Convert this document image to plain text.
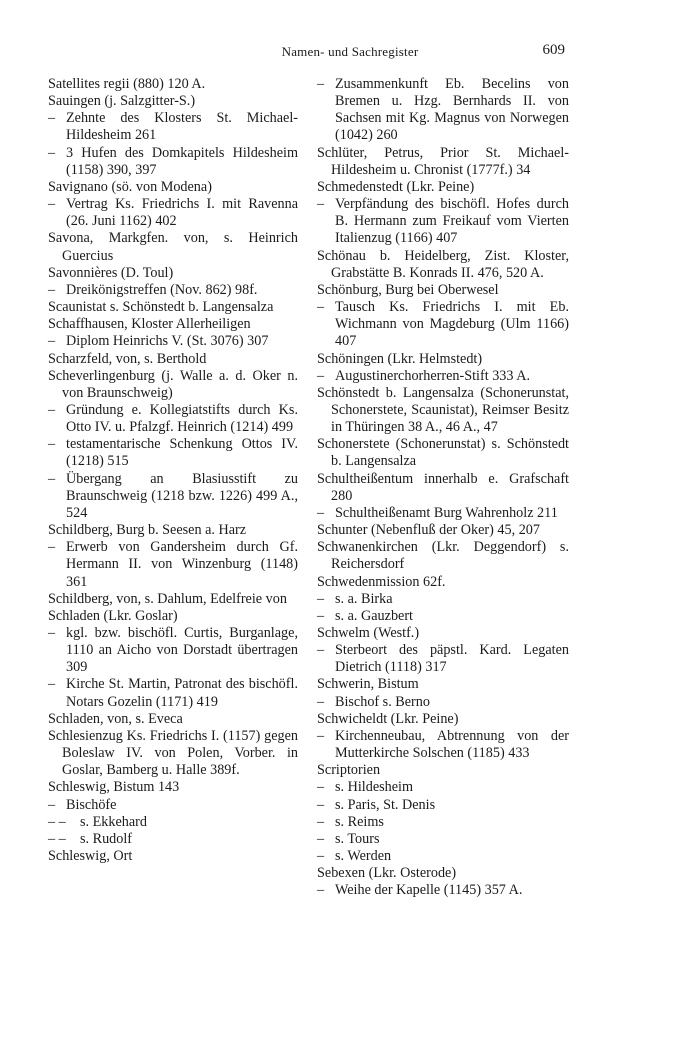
Namen- und Sachregister	609

Satellites regii (880) 120 A.

Sauingen (j. Salzgitter-S.)

– Zehnte des Klosters St. Michael-Hildesheim 261

– 3 Hufen des Domkapitels Hildesheim (1158) 390, 397

Savignano (sö. von Modena)

– Vertrag Ks. Friedrichs I. mit Ravenna (26. Juni 1162) 402

Savona, Markgfen. von, s. Heinrich Guercius

Savonnières (D. Toul)

– Dreikönigstreffen (Nov. 862) 98f.

Scaunistat s. Schönstedt b. Langensalza

Schaffhausen, Kloster Allerheiligen

– Diplom Heinrichs V. (St. 3076) 307

Scharzfeld, von, s. Berthold

Scheverlingenburg (j. Walle a. d. Oker n. von Braunschweig)

– Gründung e. Kollegiatstifts durch Ks. Otto IV. u. Pfalzgf. Heinrich (1214) 499

– testamentarische Schenkung Ottos IV. (1218) 515

– Übergang an Blasiusstift zu Braunschweig (1218 bzw. 1226) 499 A., 524

Schildberg, Burg b. Seesen a. Harz

– Erwerb von Gandersheim durch Gf. Hermann II. von Winzenburg (1148) 361

Schildberg, von, s. Dahlum, Edelfreie von

Schladen (Lkr. Goslar)

– kgl. bzw. bischöfl. Curtis, Burganlage, 1110 an Aicho von Dorstadt übertragen 309

– Kirche St. Martin, Patronat des bischöfl. Notars Gozelin (1171) 419

Schladen, von, s. Eveca

Schlesienzug Ks. Friedrichs I. (1157) gegen Boleslaw IV. von Polen, Vorber. in Goslar, Bamberg u. Halle 389f.

Schleswig, Bistum 143

– Bischöfe

– – s. Ekkehard

– – s. Rudolf

Schleswig, Ort

– Zusammenkunft Eb. Becelins von Bremen u. Hzg. Bernhards II. von Sachsen mit Kg. Magnus von Norwegen (1042) 260

Schlüter, Petrus, Prior St. Michael-Hildesheim u. Chronist (1777f.) 34

Schmedenstedt (Lkr. Peine)

– Verpfändung des bischöfl. Hofes durch B. Hermann zum Freikauf vom Vierten Italienzug (1166) 407

Schönau b. Heidelberg, Zist. Kloster, Grabstätte B. Konrads II. 476, 520 A.

Schönburg, Burg bei Oberwesel

– Tausch Ks. Friedrichs I. mit Eb. Wichmann von Magdeburg (Ulm 1166) 407

Schöningen (Lkr. Helmstedt)

– Augustinerchorherren-Stift 333 A.

Schönstedt b. Langensalza (Schonerunstat, Schonerstete, Scaunistat), Reimser Besitz in Thüringen 38 A., 46 A., 47

Schonerstete (Schonerunstat) s. Schönstedt b. Langensalza

Schultheißentum innerhalb e. Grafschaft 280

– Schultheißenamt Burg Wahrenholz 211

Schunter (Nebenfluß der Oker) 45, 207

Schwanenkirchen (Lkr. Deggendorf) s. Reichersdorf

Schwedenmission 62f.

– s. a. Birka

– s. a. Gauzbert

Schwelm (Westf.)

– Sterbeort des päpstl. Kard. Legaten Dietrich (1118) 317

Schwerin, Bistum

– Bischof s. Berno

Schwicheldt (Lkr. Peine)

– Kirchenneubau, Abtrennung von der Mutterkirche Solschen (1185) 433

Scriptorien

– s. Hildesheim

– s. Paris, St. Denis

– s. Reims

– s. Tours

– s. Werden

Sebexen (Lkr. Osterode)

– Weihe der Kapelle (1145) 357 A.
